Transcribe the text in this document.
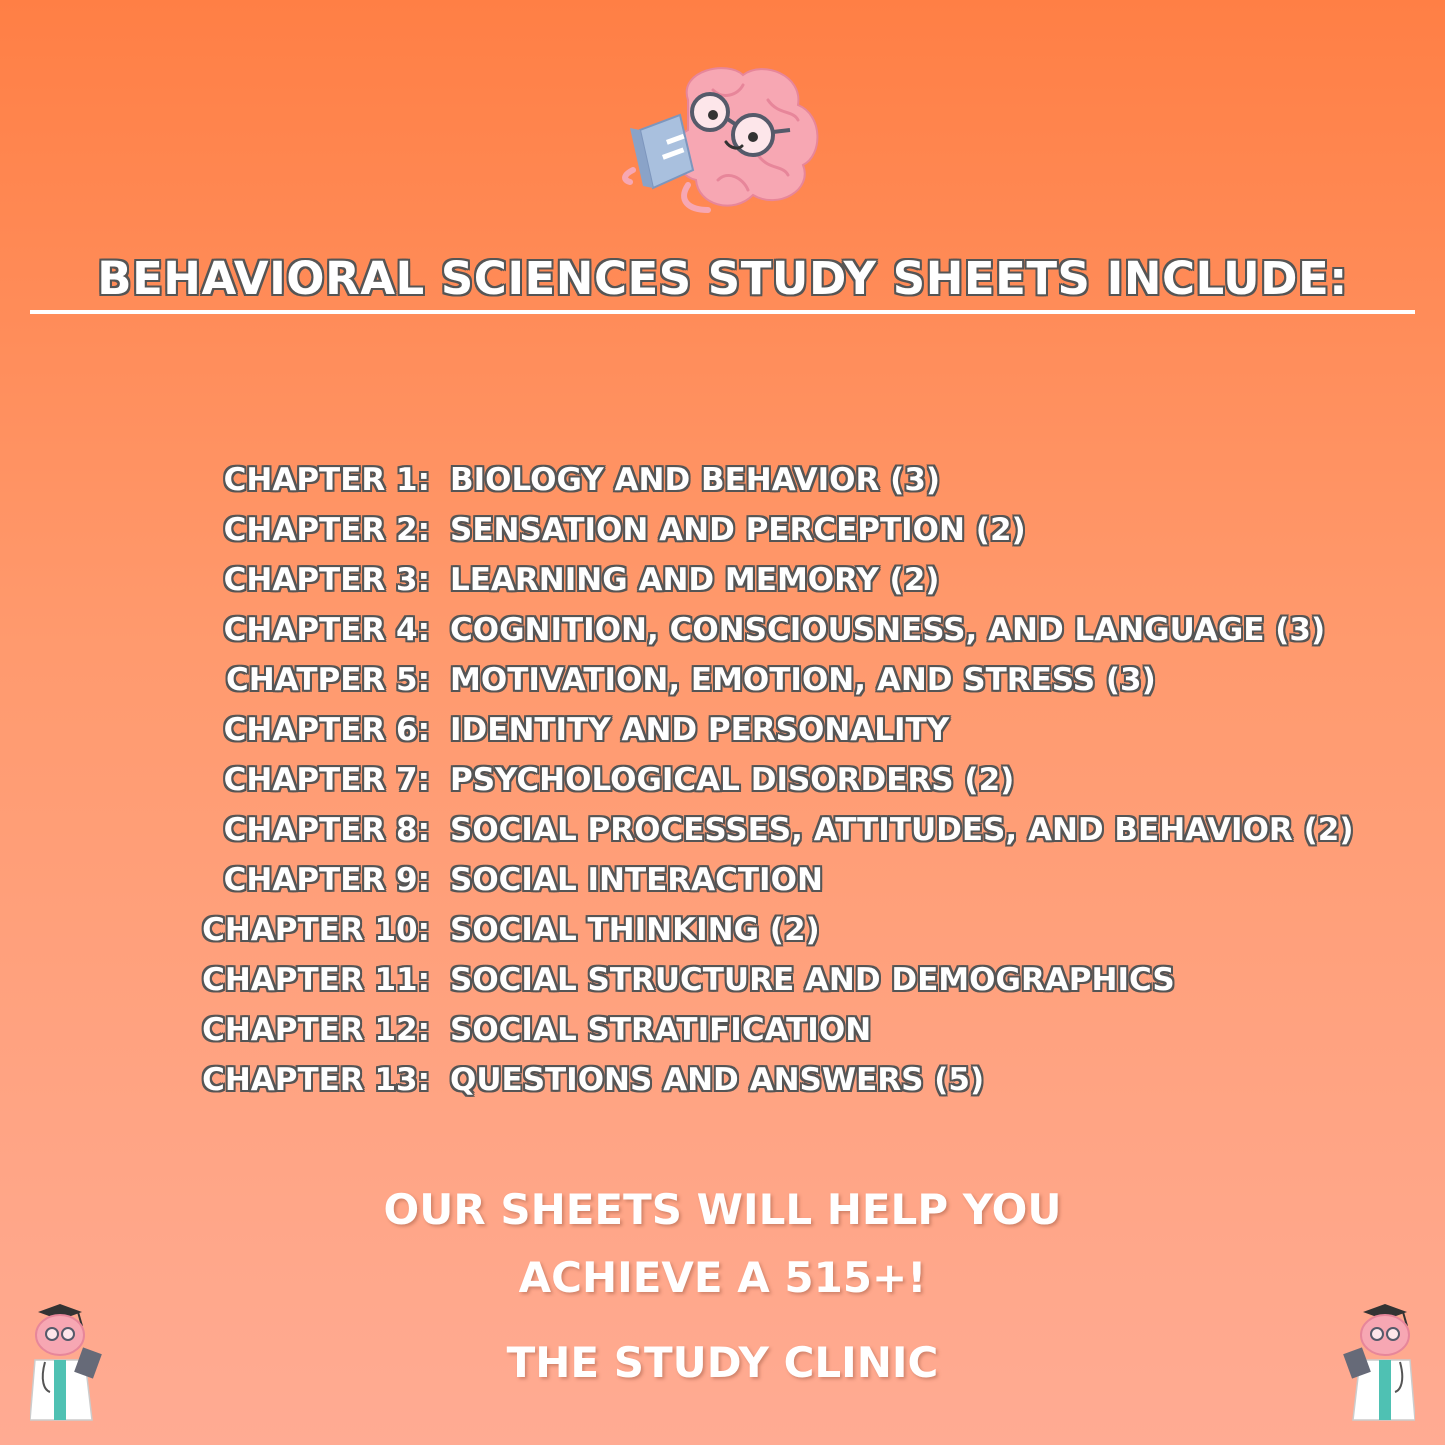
BEHAVIORAL SCIENCES STUDY SHEETS INCLUDE:
CHAPTER 1: BIOLOGY AND BEHAVIOR (3)
CHAPTER 2: SENSATION AND PERCEPTION (2)
CHAPTER 3: LEARNING AND MEMORY (2)
CHAPTER 4: COGNITION, CONSCIOUSNESS, AND LANGUAGE (3)
CHATPER 5: MOTIVATION, EMOTION, AND STRESS (3)
CHAPTER 6: IDENTITY AND PERSONALITY
CHAPTER 7: PSYCHOLOGICAL DISORDERS (2)
CHAPTER 8: SOCIAL PROCESSES, ATTITUDES, AND BEHAVIOR (2)
CHAPTER 9: SOCIAL INTERACTION
CHAPTER 10: SOCIAL THINKING (2)
CHAPTER 11: SOCIAL STRUCTURE AND DEMOGRAPHICS
CHAPTER 12: SOCIAL STRATIFICATION
CHAPTER 13: QUESTIONS AND ANSWERS (5)
OUR SHEETS WILL HELP YOU
ACHIEVE A 515+!
THE STUDY CLINIC
